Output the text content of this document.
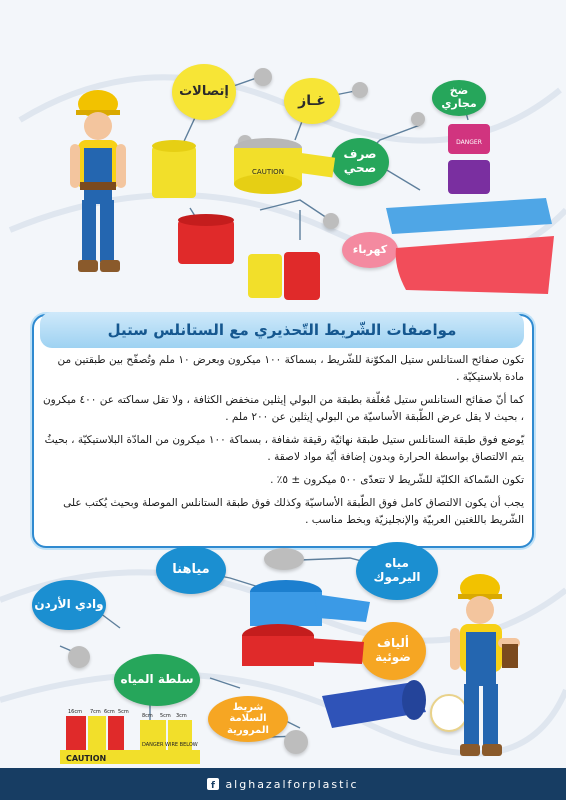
إتصالات
غـاز
صرف صحي
ضخ مجاري
كهرباء
CAUTION
DANGER
مواصفات الشّريط التّحذيري مع الستانلس ستيل

تكون صفائح الستانلس ستيل المكوّنة للشّريط ، بسماكة ١٠٠ ميكرون وبعرض ١٠ ملم وتُصفّح بين طبقتين من مادة بلاستيكيّة .

كما أنّ صفائح الستانلس ستيل مُغلّفة بطبقة من البولي إيثلين منخفض الكثافة ، ولا تقل سماكته عن ٤٠٠ ميكرون ، بحيث لا يقل عرض الطّبقة الأساسيّة من البولي إيثلين عن ٢٠٠ ملم .

يّوضع فوق طبقة الستانلس ستيل طبقة نهائيّة رقيقة شفافة ، بسماكة ١٠٠ ميكرون من المادّة البلاستيكيّة ، بحيثُ يتم الالتصاق بواسطة الحرارة وبدون إضافة أيّة مواد لاصقة .

تكون السّماكة الكليّة للشّريط لا تتعدّى ٥٠٠ ميكرون ± ٥٪ .

يجب أن يكون الالتصاق كامل فوق الطّبقة الأساسيّة وكذلك فوق طبقة الستانلس الموصلة وبحيث يُكتب على الشّريط باللغتين العربيّة والإنجليزيّة وبخط مناسب .

مياهنا	مياه اليرموك
وادي الأردن
سلطة المياه
ألياف ضوئية
شريط السلامة المرورية
16cm 7cm 6cm 5cm
8cm 5cm 3cm
CAUTION
DANGER WIRE BELOW
f alghazalforplastic
